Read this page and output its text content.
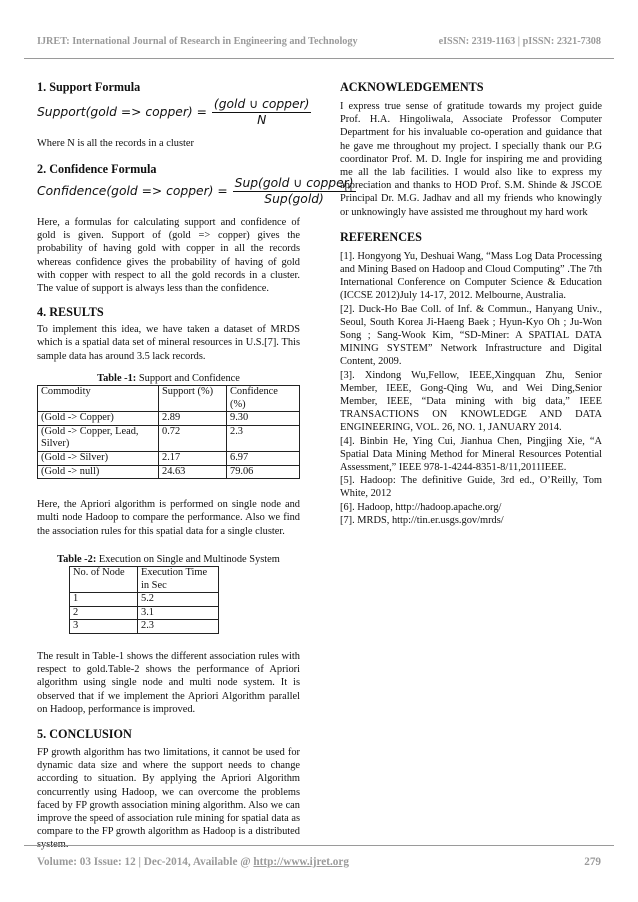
IJRET: International Journal of Research in Engineering and Technology	eISSN: 2319-1163 | pISSN: 2321-7308
1. Support Formula
Support(gold => copper) = $\frac{\text{(gold ∪ copper)}}{N}$

Where N is all the records in a cluster

2. Confidence Formula
Confidence(gold => copper) = $\frac{\text{Sup(gold ∪ copper)}}{\text{Sup(gold)}}$

Here, a formulas for calculating support and confidence of gold is given. Support of (gold => copper) gives the probability of having gold with copper in all the records whereas confidence gives the probability of having of gold with copper with respect to all the gold records in a cluster. The value of support is always less than the confidence.

4. RESULTS

To implement this idea, we have taken a dataset of MRDS which is a spatial data set of mineral resources in U.S.[7]. This sample data has around 3.5 lack records.

Table -1: Support and Confidence
Commodity	Support (%)	Confidence (%)
(Gold -> Copper)	2.89	9.30
(Gold -> Copper, Lead, Silver)	0.72	2.3
(Gold -> Silver)	2.17	6.97
(Gold -> null)	24.63	79.06

Here, the Apriori algorithm is performed on single node and multi node Hadoop to compare the performance. Also we find the association rules for this spatial data for a single cluster.

Table -2: Execution on Single and Multinode System
No. of Node	Execution Time in Sec
1	5.2
2	3.1
3	2.3

The result in Table-1 shows the different association rules with respect to gold.Table-2 shows the performance of Apriori algorithm using single node and multi node system. It is observed that if we implement the Apriori Algorithm parallel on Hadoop, performance is improved.

5. CONCLUSION

FP growth algorithm has two limitations, it cannot be used for dynamic data size and where the support needs to change according to situation. By applying the Apriori Algorithm concurrently using Hadoop, we can overcome the problems faced by FP growth association mining algorithm. Also we can improve the speed of association rule mining for spatial data as compare to the FP growth algorithm as Hadoop is a distributed system.

ACKNOWLEDGEMENTS

I express true sense of gratitude towards my project guide Prof. H.A. Hingoliwala, Associate Professor Computer Department for his invaluable co-operation and guidance that he gave me throughout my project. I specially thank our P.G coordinator Prof. M. D. Ingle for inspiring me and providing me all the lab facilities. I would also like to express my appreciation and thanks to HOD Prof. S.M. Shinde & JSCOE Principal Dr. M.G. Jadhav and all my friends who knowingly or unknowingly have assisted me throughout my hard work

REFERENCES

[1]. Hongyong Yu, Deshuai Wang, “Mass Log Data Processing and Mining Based on Hadoop and Cloud Computing” .The 7th International Conference on Computer Science & Education (ICCSE 2012)July 14-17, 2012. Melbourne, Australia.

[2]. Duck-Ho Bae Coll. of Inf. & Commun., Hanyang Univ., Seoul, South Korea Ji-Haeng Baek ; Hyun-Kyo Oh ; Ju-Won Song ; Sang-Wook Kim, “SD-Miner: A SPATIAL DATA MINING SYSTEM” Network Infrastructure and Digital Content, 2009.

[3]. Xindong Wu,Fellow, IEEE,Xingquan Zhu, Senior Member, IEEE, Gong-Qing Wu, and Wei Ding,Senior Member, IEEE, “Data mining with big data,” IEEE TRANSACTIONS ON KNOWLEDGE AND DATA ENGINEERING, VOL. 26, NO. 1, JANUARY 2014.

[4]. Binbin He, Ying Cui, Jianhua Chen, Pingjing Xie, “A Spatial Data Mining Method for Mineral Resources Potential Assessment,” IEEE 978-1-4244-8351-8/11,2011IEEE.

[5]. Hadoop: The definitive Guide, 3rd ed., O’Reilly, Tom White, 2012

[6]. Hadoop, http://hadoop.apache.org/

[7]. MRDS, http://tin.er.usgs.gov/mrds/

Volume: 03 Issue: 12 | Dec-2014, Available @ http://www.ijret.org	279
